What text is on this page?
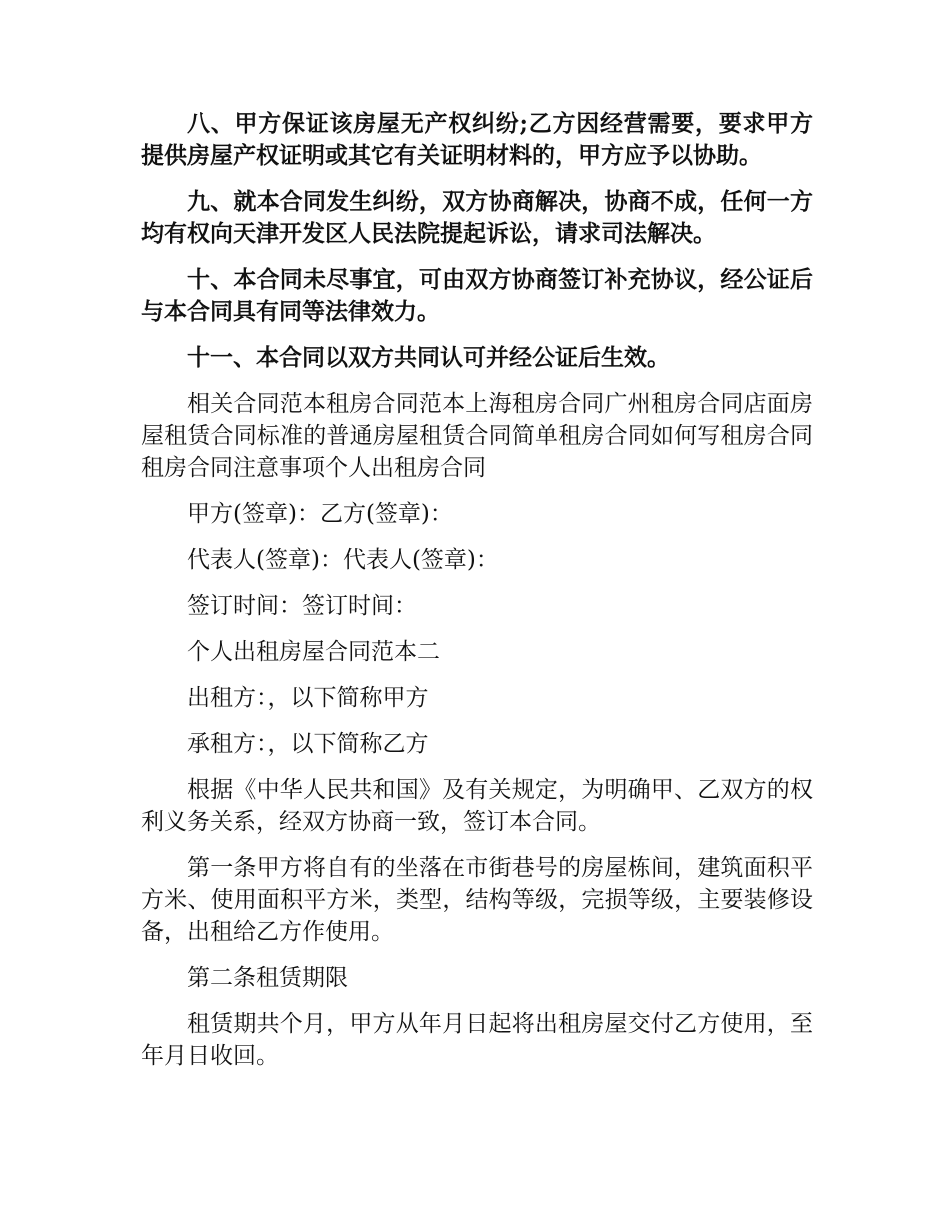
八、甲方保证该房屋无产权纠纷;乙方因经营需要，要求甲方提供房屋产权证明或其它有关证明材料的，甲方应予以协助。

九、就本合同发生纠纷，双方协商解决，协商不成，任何一方均有权向天津开发区人民法院提起诉讼，请求司法解决。

十、本合同未尽事宜，可由双方协商签订补充协议，经公证后与本合同具有同等法律效力。

十一、本合同以双方共同认可并经公证后生效。

相关合同范本租房合同范本上海租房合同广州租房合同店面房屋租赁合同标准的普通房屋租赁合同简单租房合同如何写租房合同租房合同注意事项个人出租房合同

甲方(签章)：乙方(签章)：

代表人(签章)：代表人(签章)：

签订时间：签订时间：

个人出租房屋合同范本二

出租方：，以下简称甲方

承租方：，以下简称乙方

根据《中华人民共和国》及有关规定，为明确甲、乙双方的权利义务关系，经双方协商一致，签订本合同。

第一条甲方将自有的坐落在市街巷号的房屋栋间，建筑面积平方米、使用面积平方米，类型，结构等级，完损等级，主要装修设备，出租给乙方作使用。

第二条租赁期限

租赁期共个月，甲方从年月日起将出租房屋交付乙方使用，至年月日收回。
